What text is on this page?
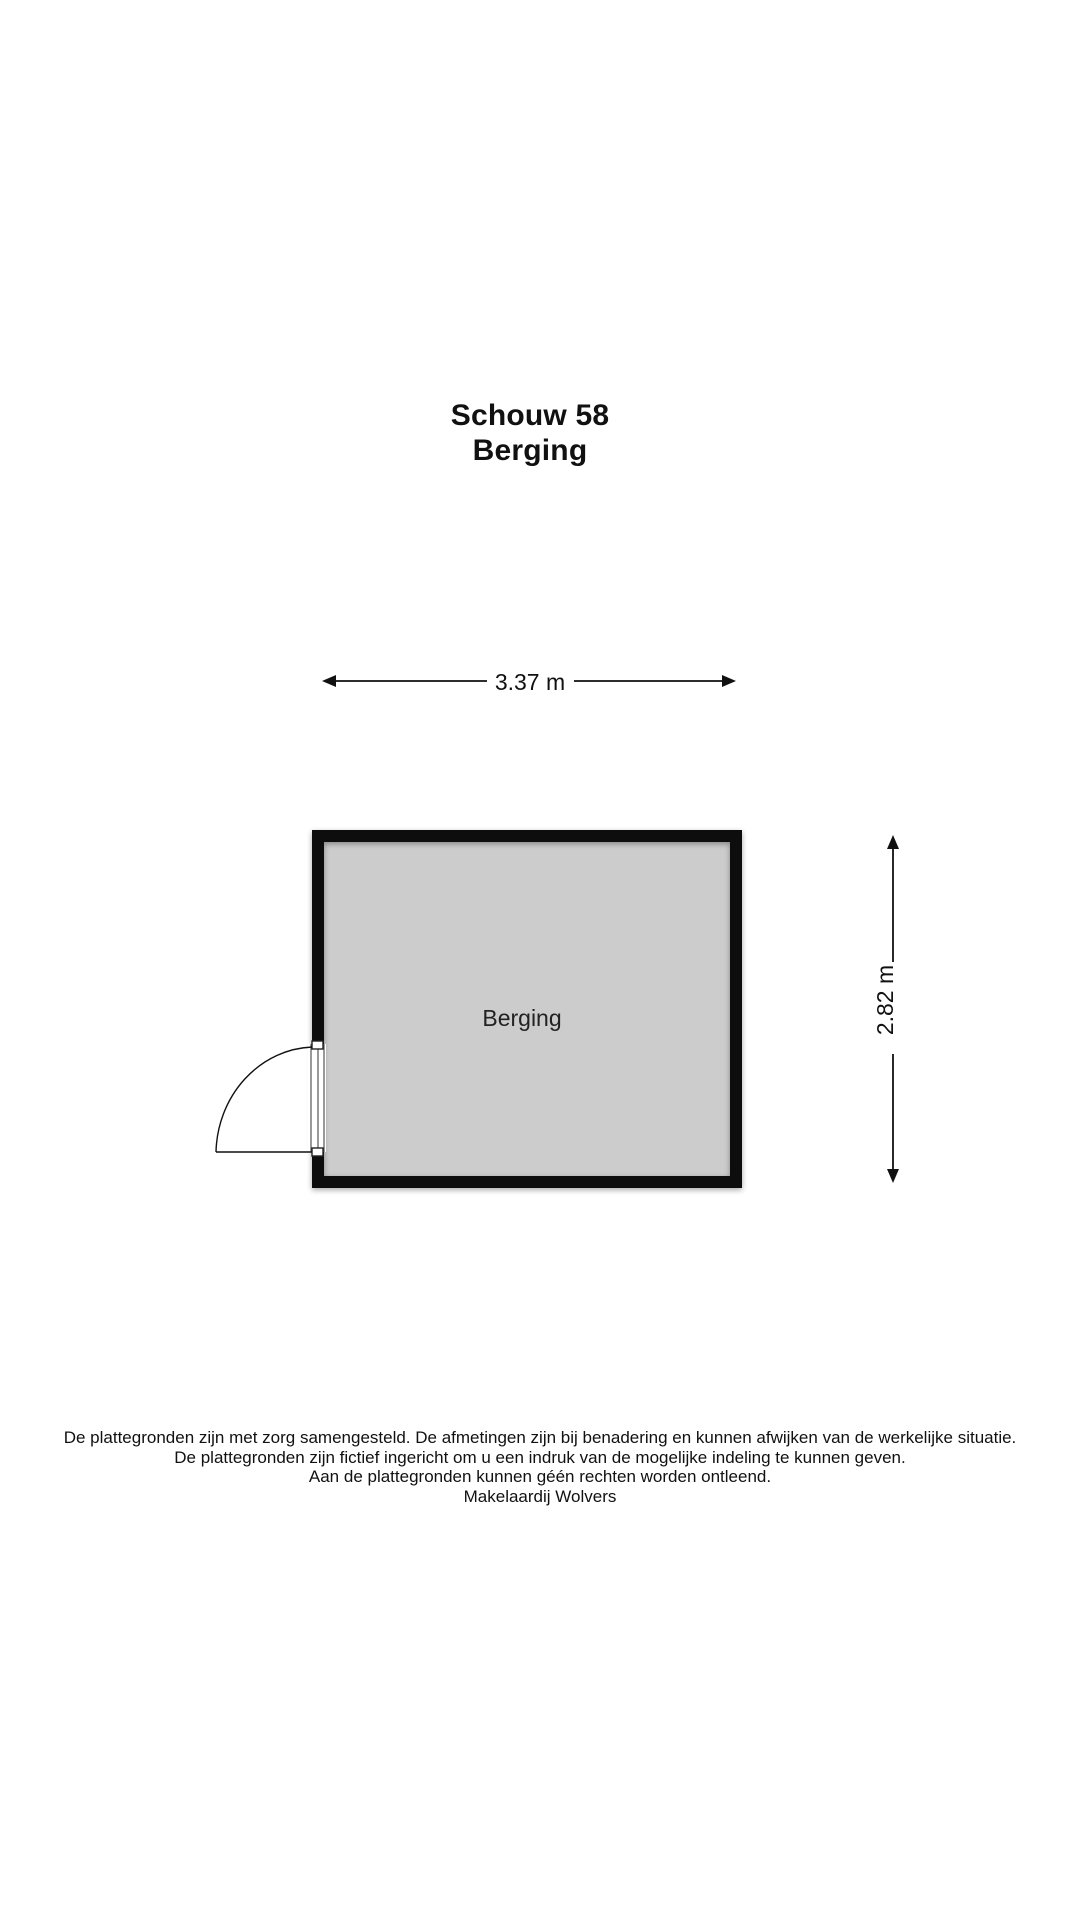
Schouw 58
Berging
3.37 m
2.82 m
Berging
De plattegronden zijn met zorg samengesteld. De afmetingen zijn bij benadering en kunnen afwijken van de werkelijke situatie.
De plattegronden zijn fictief ingericht om u een indruk van de mogelijke indeling te kunnen geven.
Aan de plattegronden kunnen géén rechten worden ontleend.
Makelaardij Wolvers
